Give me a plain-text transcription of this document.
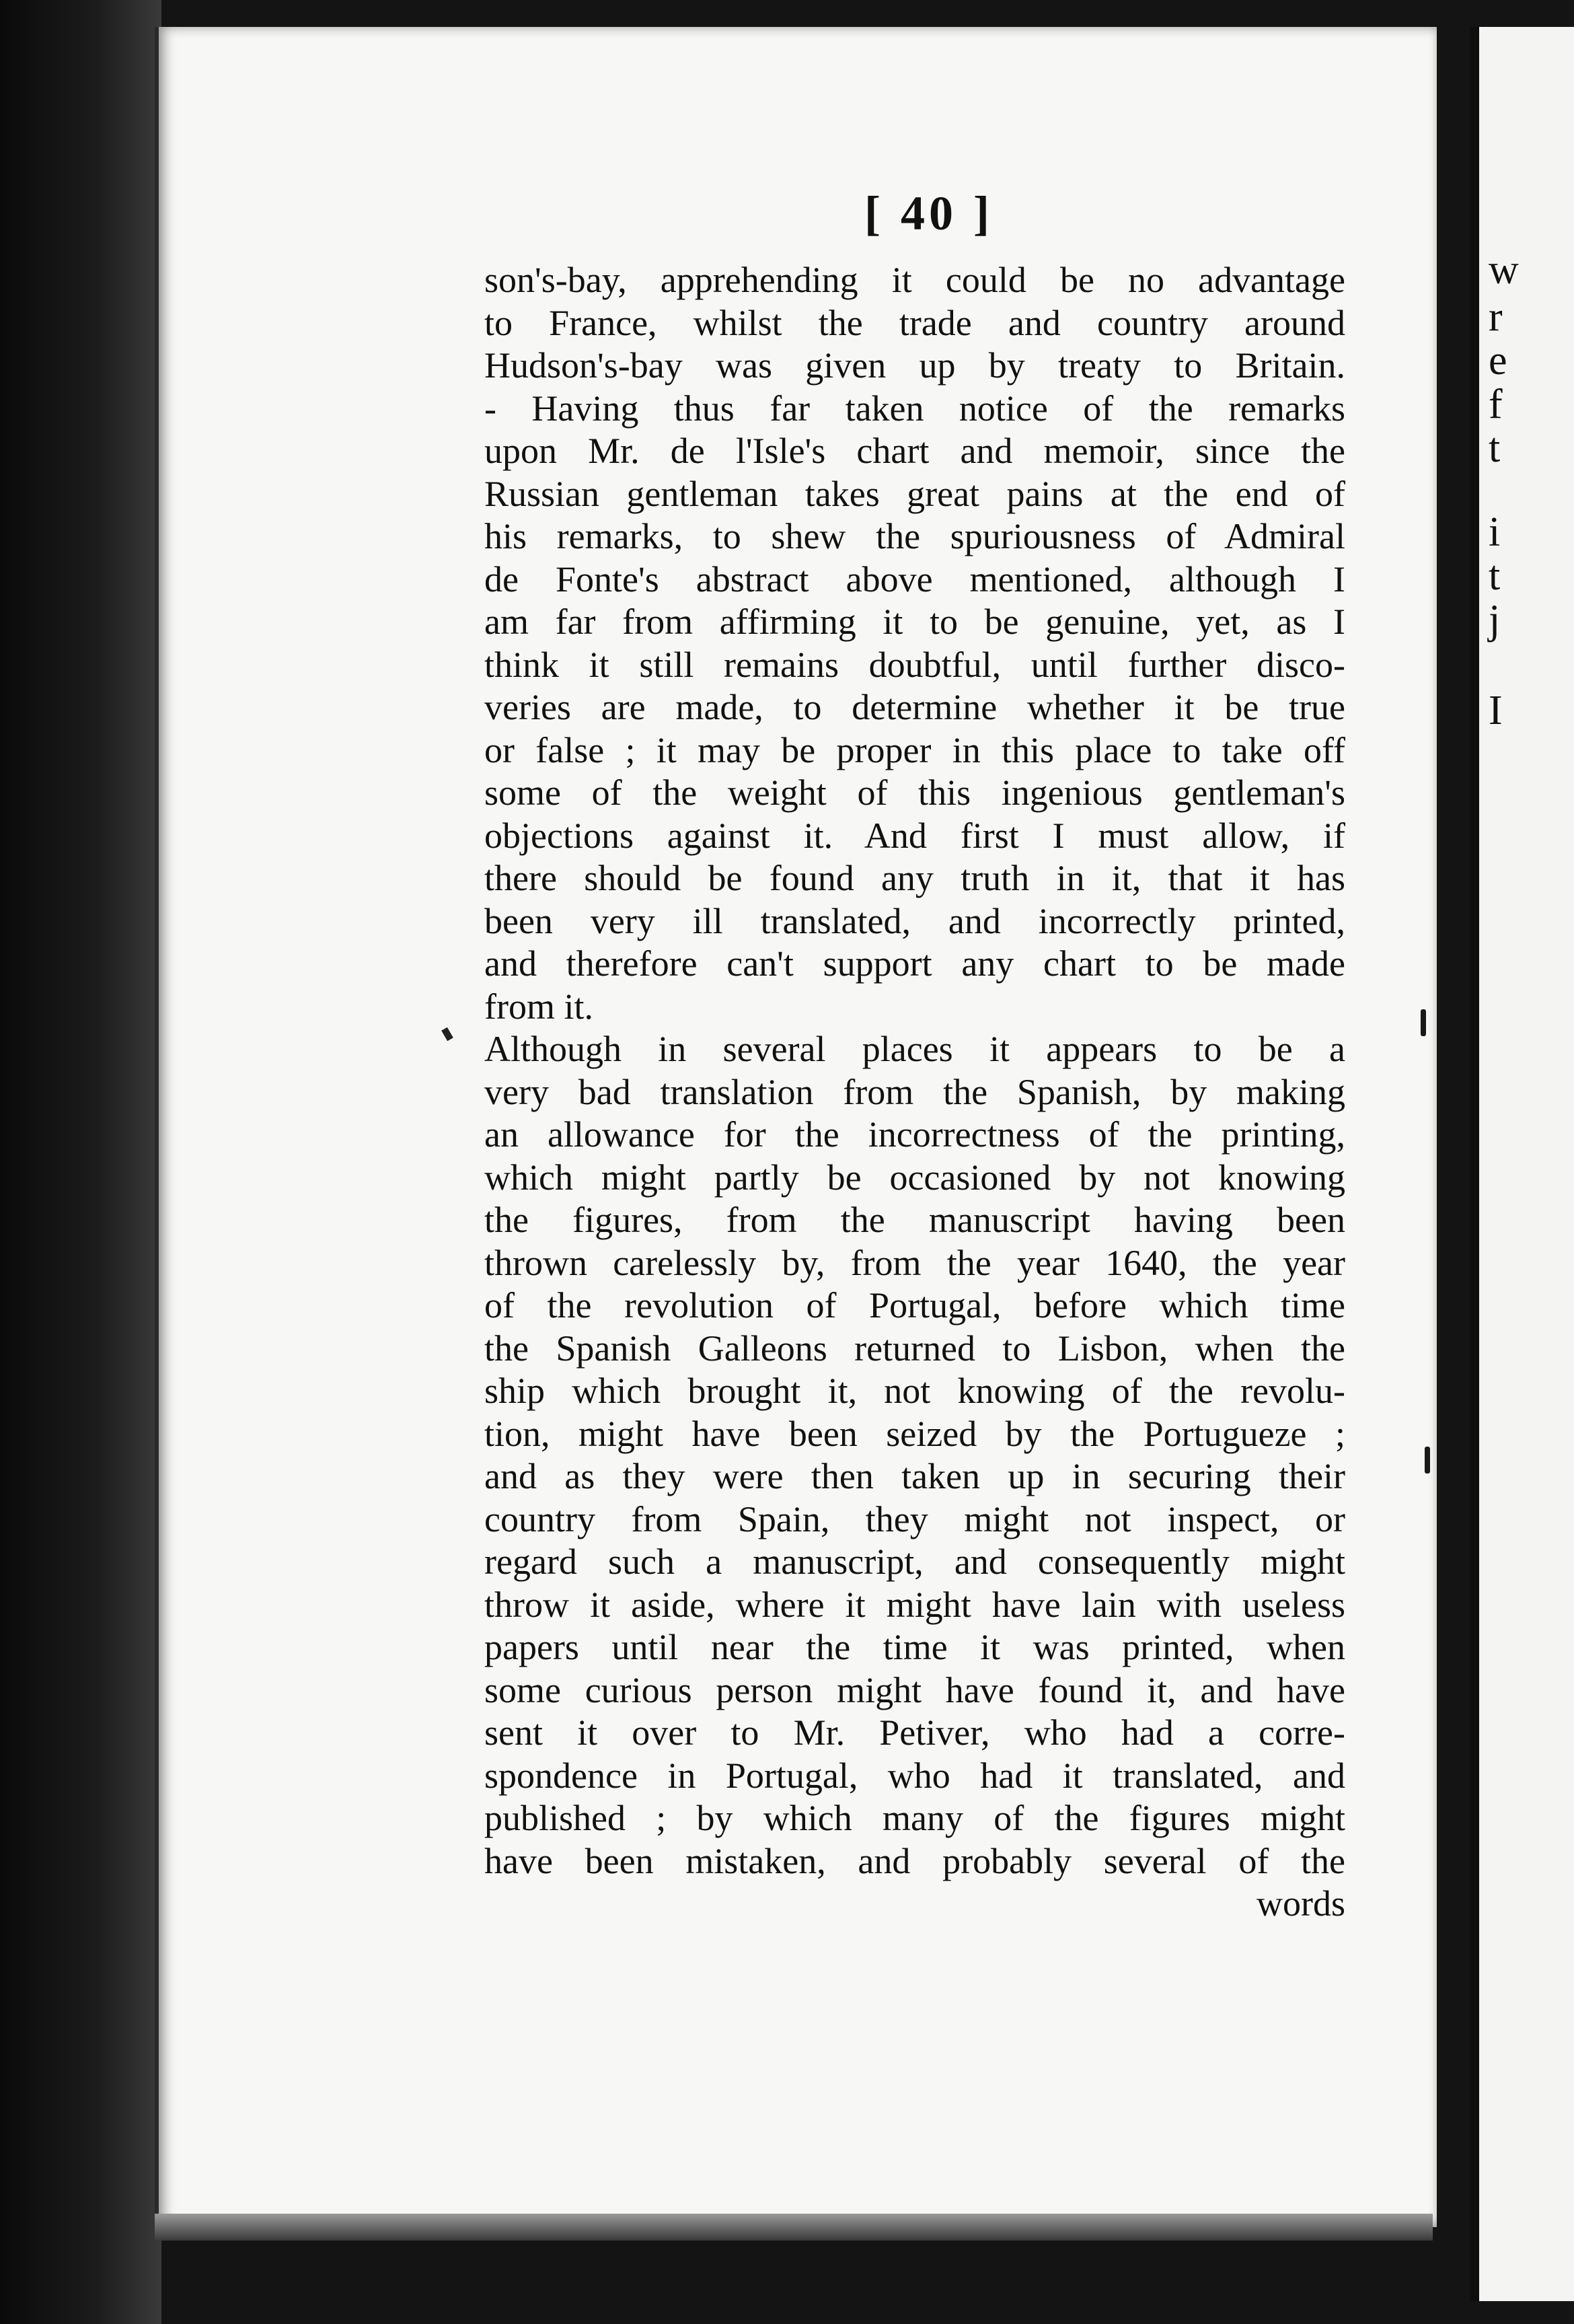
w
r
e
f
t
i
t
j
I
[ 40 ]
son's-bay, apprehending it could be no advantage
to France, whilst the trade and country around
Hudson's-bay was given up by treaty to Britain.
- Having thus far taken notice of the remarks
upon Mr. de l'Isle's chart and memoir, since the
Russian gentleman takes great pains at the end of
his remarks, to shew the spuriousness of Admiral
de Fonte's abstract above mentioned, although I
am far from affirming it to be genuine, yet, as I
think it still remains doubtful, until further disco-
veries are made, to determine whether it be true
or false ; it may be proper in this place to take off
some of the weight of this ingenious gentleman's
objections against it. And first I must allow, if
there should be found any truth in it, that it has
been very ill translated, and incorrectly printed,
and therefore can't support any chart to be made
from it.
Although in several places it appears to be a
very bad translation from the Spanish, by making
an allowance for the incorrectness of the printing,
which might partly be occasioned by not knowing
the figures, from the manuscript having been
thrown carelessly by, from the year 1640, the year
of the revolution of Portugal, before which time
the Spanish Galleons returned to Lisbon, when the
ship which brought it, not knowing of the revolu-
tion, might have been seized by the Portugueze ;
and as they were then taken up in securing their
country from Spain, they might not inspect, or
regard such a manuscript, and consequently might
throw it aside, where it might have lain with useless
papers until near the time it was printed, when
some curious person might have found it, and have
sent it over to Mr. Petiver, who had a corre-
spondence in Portugal, who had it translated, and
published ; by which many of the figures might
have been mistaken, and probably several of the
words
